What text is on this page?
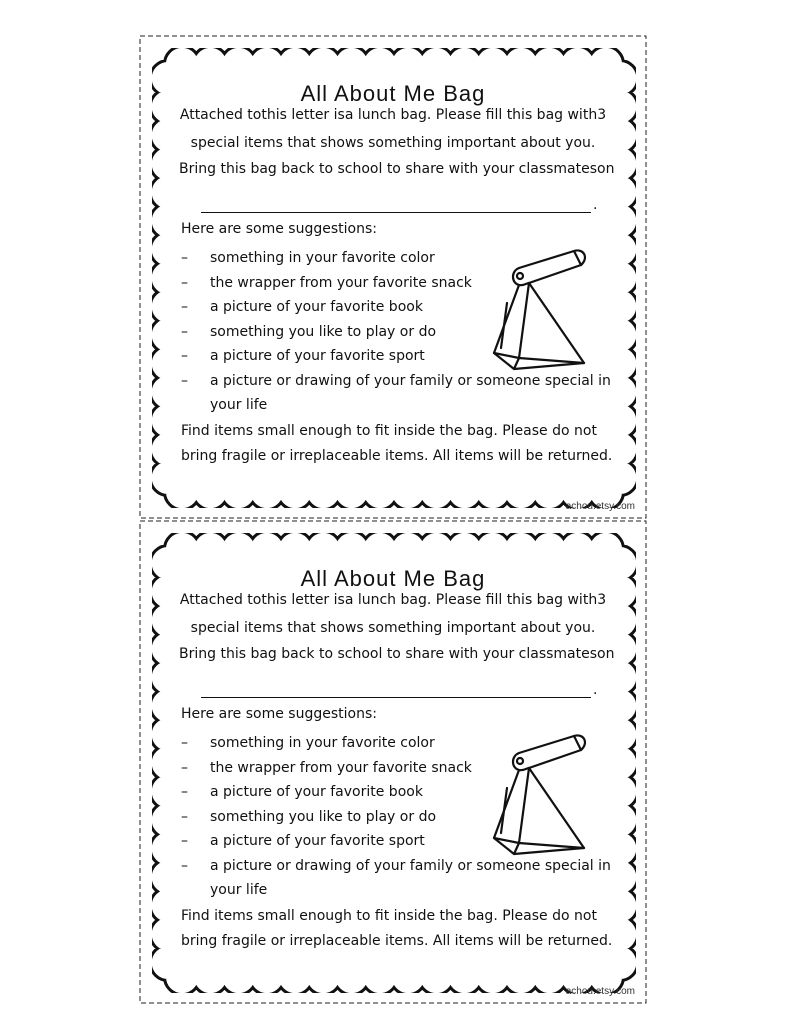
All About Me Bag
Attached tothis letter isa lunch bag. Please fill this bag with3
special items that shows something important about you.
Bring this bag back to school to share with your classmateson
.
Here are some suggestions:
– something in your favorite color
– the wrapper from your favorite snack
– a picture of your favorite book
– something you like to play or do
– a picture of your favorite sport
– a picture or drawing of your family or someone special in your life
Find items small enough to fit inside the bag. Please do not bring fragile or irreplaceable items. All items will be returned.
achou.etsy.com
All About Me Bag
Attached tothis letter isa lunch bag. Please fill this bag with3
special items that shows something important about you.
Bring this bag back to school to share with your classmateson
.
Here are some suggestions:
– something in your favorite color
– the wrapper from your favorite snack
– a picture of your favorite book
– something you like to play or do
– a picture of your favorite sport
– a picture or drawing of your family or someone special in your life
Find items small enough to fit inside the bag. Please do not bring fragile or irreplaceable items. All items will be returned.
achou.etsy.com
